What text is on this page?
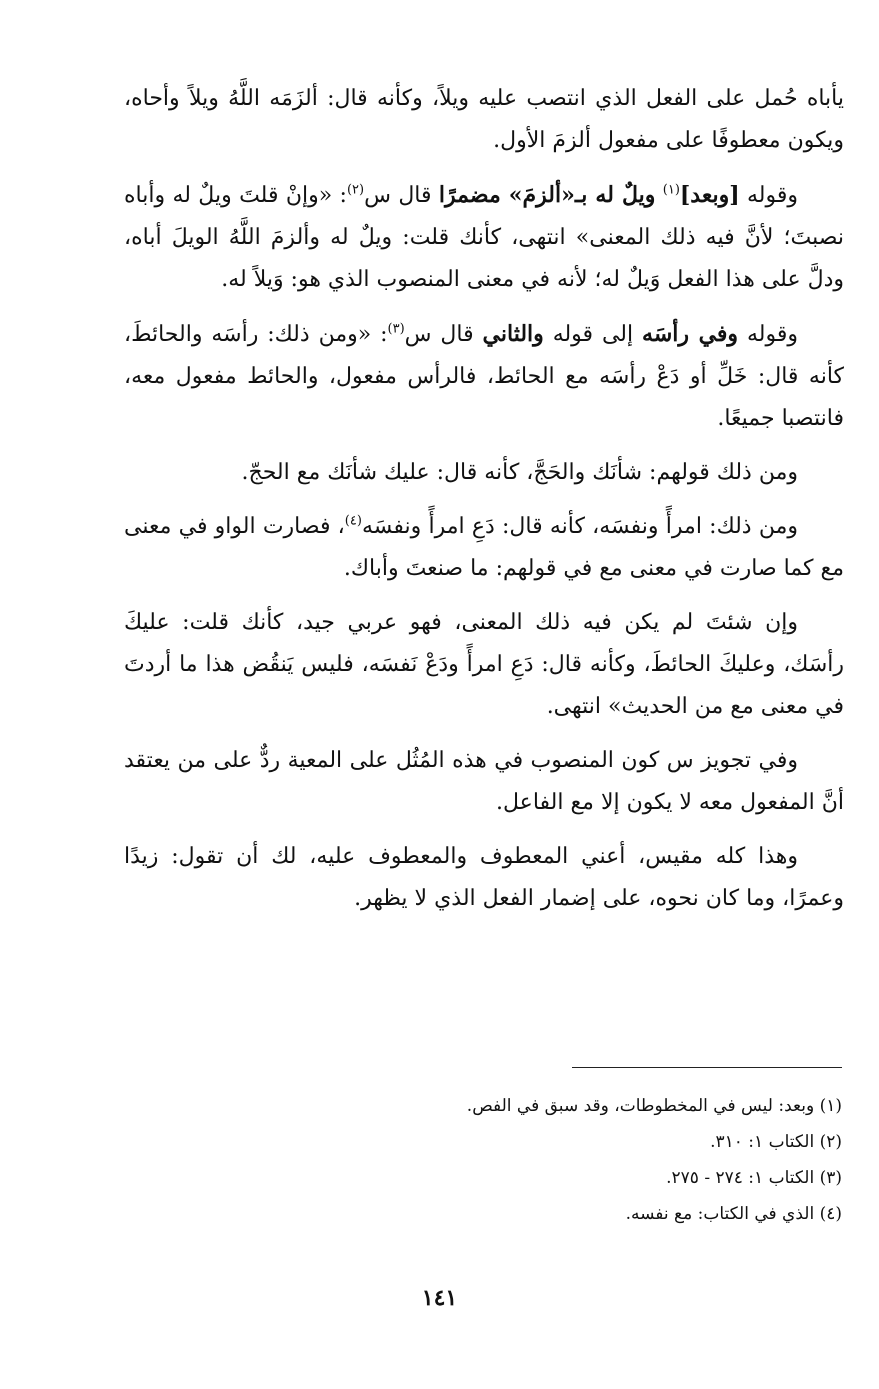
يأباه حُمل على الفعل الذي انتصب عليه ويلاً، وكأنه قال: ألزَمَه اللَّهُ ويلاً وأحاه، ويكون معطوفًا على مفعول ألزمَ الأول.

وقوله [وبعد]$^{(١)}$ ويلٌ له بـ«ألزمَ» مضمرًا قال س$^{(٢)}$: «وإنْ قلتَ ويلٌ له وأباه نصبتَ؛ لأنَّ فيه ذلك المعنى» انتهى، كأنك قلت: ويلٌ له وألزمَ اللَّهُ الويلَ أباه، ودلَّ على هذا الفعل وَيلٌ له؛ لأنه في معنى المنصوب الذي هو: وَيلاً له.

وقوله وفي رأسَه إلى قوله والثاني قال س$^{(٣)}$: «ومن ذلك: رأسَه والحائطَ، كأنه قال: خَلِّ أو دَعْ رأسَه مع الحائط، فالرأس مفعول، والحائط مفعول معه، فانتصبا جميعًا.

ومن ذلك قولهم: شأنَك والحَجَّ، كأنه قال: عليك شأنَك مع الحجّ.

ومن ذلك: امرأً ونفسَه، كأنه قال: دَعِ امرأً ونفسَه$^{(٤)}$، فصارت الواو في معنى مع كما صارت في معنى مع في قولهم: ما صنعتَ وأباك.

وإن شئتَ لم يكن فيه ذلك المعنى، فهو عربي جيد، كأنك قلت: عليكَ رأسَك، وعليكَ الحائطَ، وكأنه قال: دَعِ امرأً ودَعْ نَفسَه، فليس يَنقُض هذا ما أردتَ في معنى مع من الحديث» انتهى.

وفي تجويز س كون المنصوب في هذه المُثُل على المعية ردٌّ على من يعتقد أنَّ المفعول معه لا يكون إلا مع الفاعل.

وهذا كله مقيس، أعني المعطوف والمعطوف عليه، لك أن تقول: زيدًا وعمرًا، وما كان نحوه، على إضمار الفعل الذي لا يظهر.

(١) وبعد: ليس في المخطوطات، وقد سبق في الفص.
(٢) الكتاب ١: ٣١٠.
(٣) الكتاب ١: ٢٧٤ - ٢٧٥.
(٤) الذي في الكتاب: مع نفسه.
١٤١
